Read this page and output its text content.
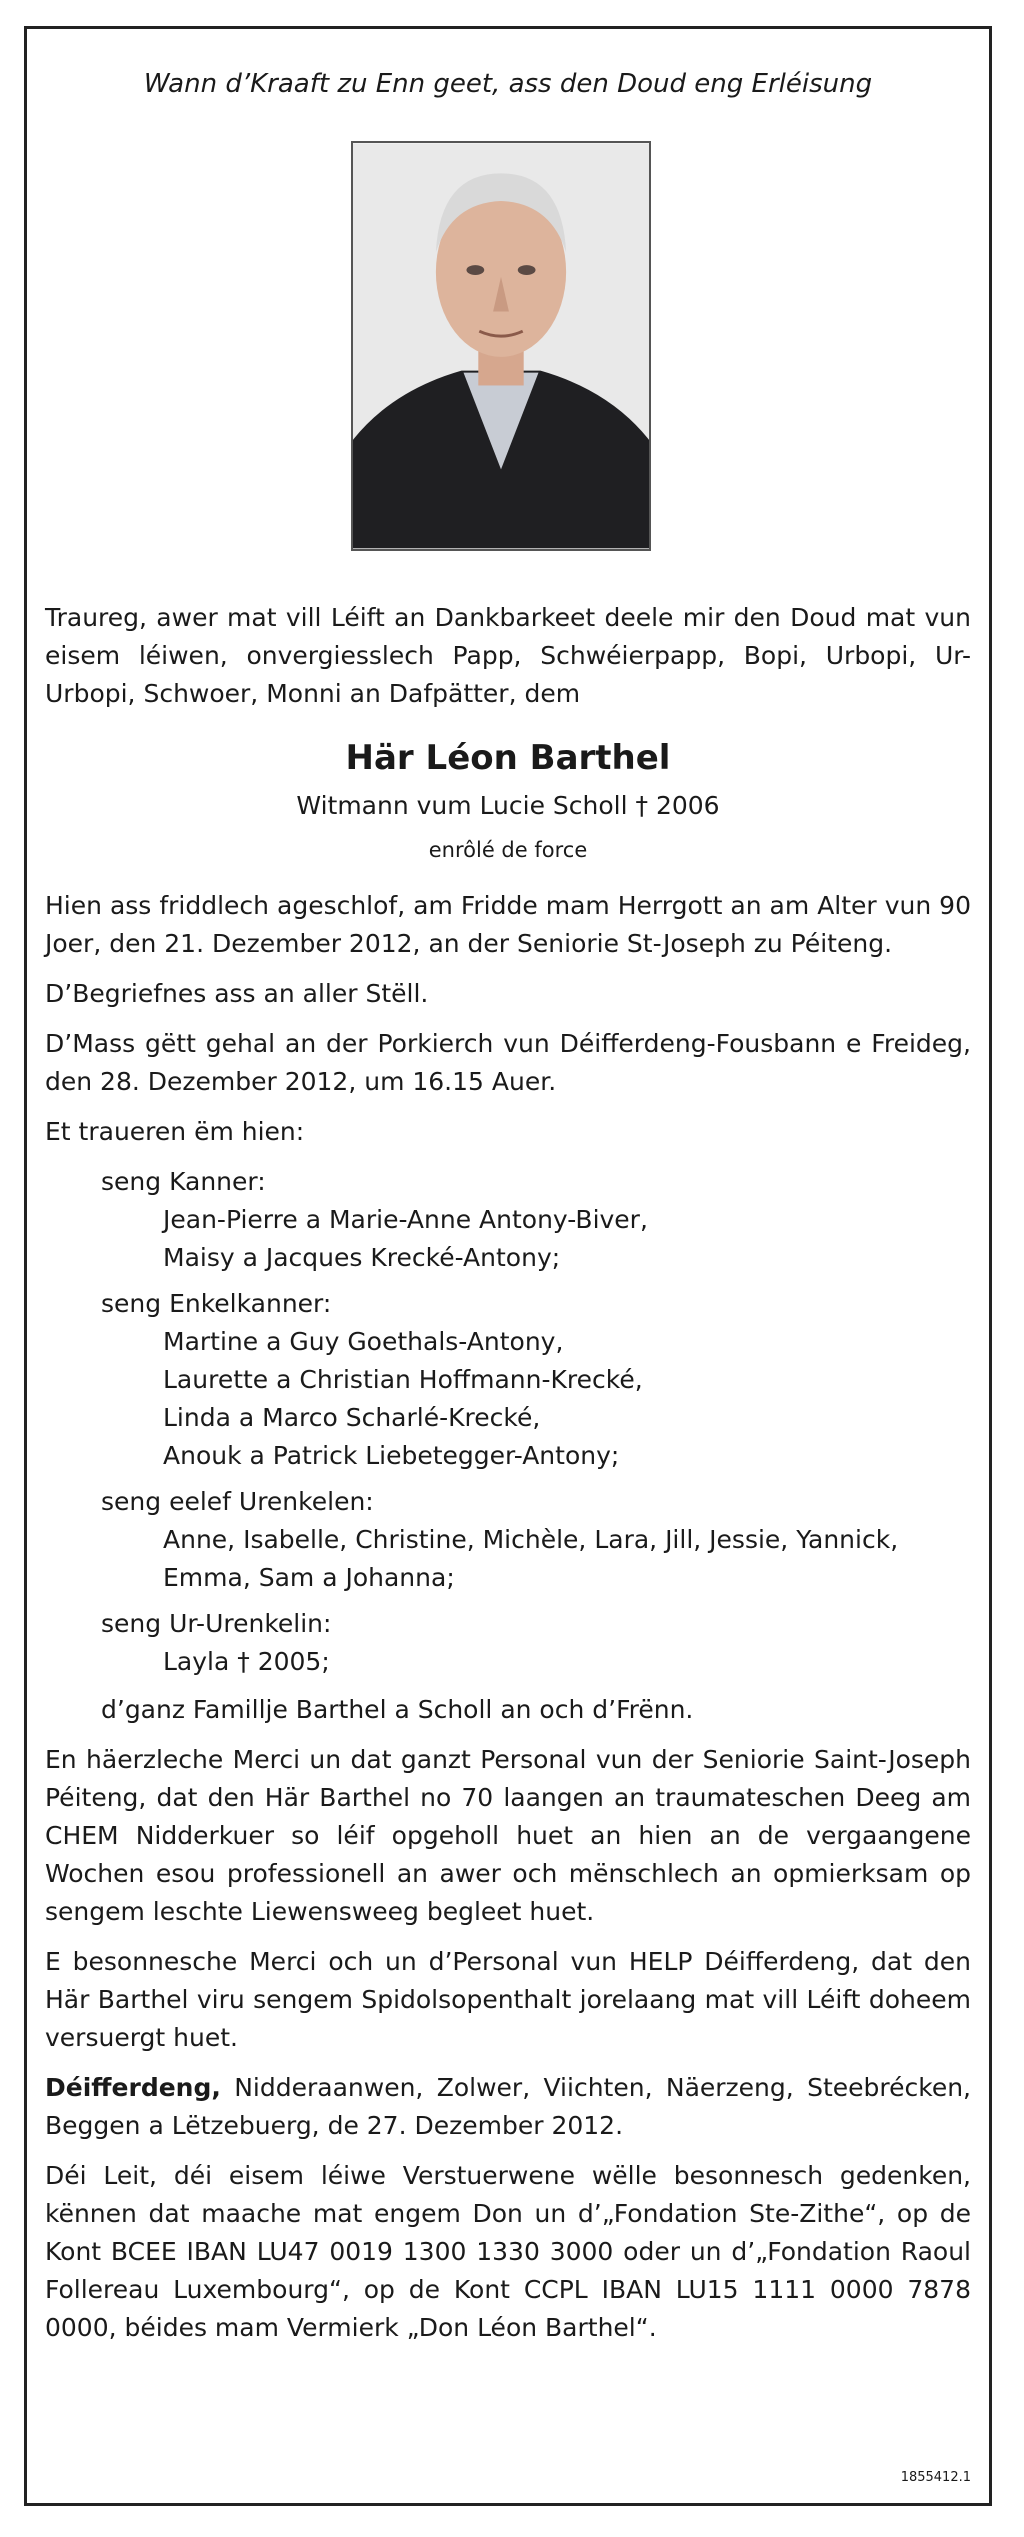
Wann d’Kraaft zu Enn geet, ass den Doud eng Erléisung

Traureg, awer mat vill Léift an Dankbarkeet deele mir den Doud mat vun eisem léiwen, onvergiesslech Papp, Schwéierpapp, Bopi, Urbopi, Ur-Urbopi, Schwoer, Monni an Dafpätter, dem

Här Léon Barthel
Witmann vum Lucie Scholl † 2006
enrôlé de force

Hien ass friddlech ageschlof, am Fridde mam Herrgott an am Alter vun 90 Joer, den 21. Dezember 2012, an der Seniorie St-Joseph zu Péiteng.

D’Begriefnes ass an aller Stëll.

D’Mass gëtt gehal an der Porkierch vun Déifferdeng-Fousbann e Freideg, den 28. Dezember 2012, um 16.15 Auer.

Et traueren ëm hien:

seng Kanner:
Jean-Pierre a Marie-Anne Antony-Biver,
Maisy a Jacques Krecké-Antony;
seng Enkelkanner:
Martine a Guy Goethals-Antony,
Laurette a Christian Hoffmann-Krecké,
Linda a Marco Scharlé-Krecké,
Anouk a Patrick Liebetegger-Antony;
seng eelef Urenkelen:
Anne, Isabelle, Christine, Michèle, Lara, Jill, Jessie, Yannick, Emma, Sam a Johanna;
seng Ur-Urenkelin:
Layla † 2005;
d’ganz Famillje Barthel a Scholl an och d’Frënn.

En häerzleche Merci un dat ganzt Personal vun der Seniorie Saint-Joseph Péiteng, dat den Här Barthel no 70 laangen an traumateschen Deeg am CHEM Nidderkuer so léif opgeholl huet an hien an de vergaangene Wochen esou professionell an awer och mënschlech an opmierksam op sengem leschte Liewensweeg begleet huet.

E besonnesche Merci och un d’Personal vun HELP Déifferdeng, dat den Här Barthel viru sengem Spidolsopenthalt jorelaang mat vill Léift doheem versuergt huet.

Déifferdeng, Nidderaanwen, Zolwer, Viichten, Näerzeng, Steebrécken, Beggen a Lëtzebuerg, de 27. Dezember 2012.

Déi Leit, déi eisem léiwe Verstuerwene wëlle besonnesch gedenken, kënnen dat maache mat engem Don un d’„Fondation Ste-Zithe“, op de Kont BCEE IBAN LU47 0019 1300 1330 3000 oder un d’„Fondation Raoul Follereau Luxembourg“, op de Kont CCPL IBAN LU15 1111 0000 7878 0000, béides mam Vermierk „Don Léon Barthel“.

1855412.1
